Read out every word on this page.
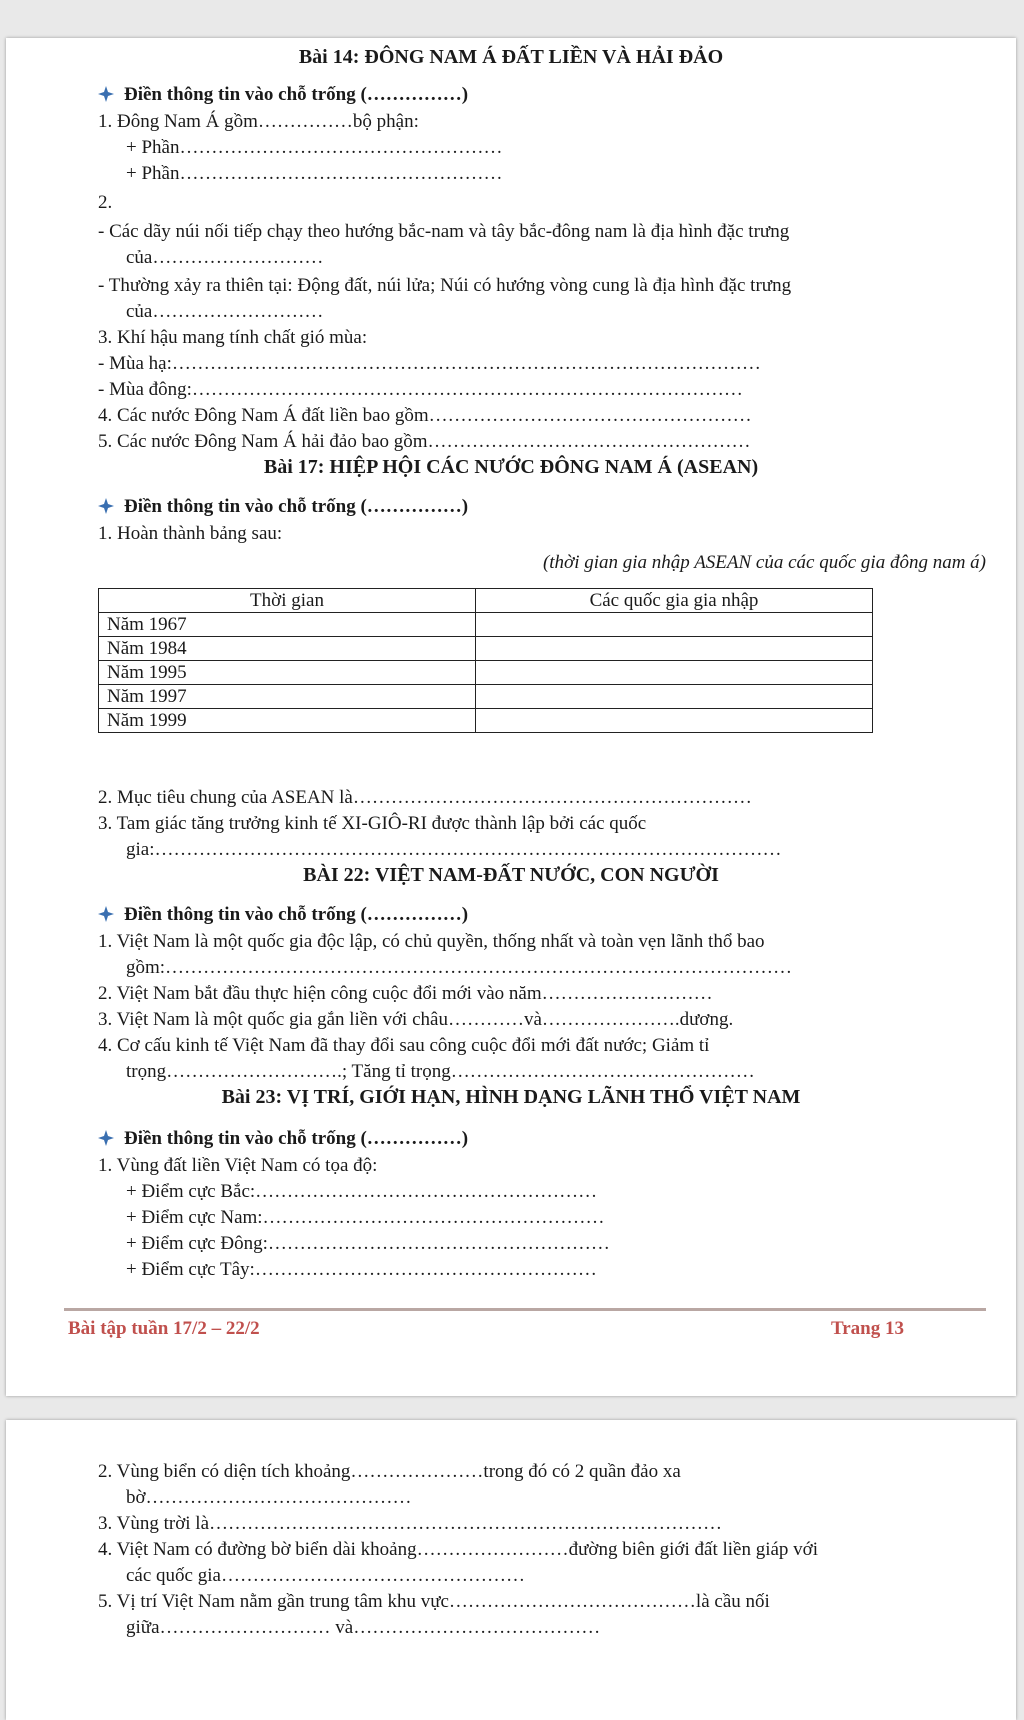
Bài 14: ĐÔNG NAM Á ĐẤT LIỀN VÀ HẢI ĐẢO
Điền thông tin vào chỗ trống (……………)
1. Đông Nam Á gồm……………bộ phận:
+ Phần……………………………………………
+ Phần……………………………………………
2.
- Các dãy núi nối tiếp chạy theo hướng bắc-nam và tây bắc-đông nam là địa hình đặc trưng
của………………………
- Thường xảy ra thiên tại: Động đất, núi lửa; Núi có hướng vòng cung là địa hình đặc trưng
của………………………
3. Khí hậu mang tính chất gió mùa:
- Mùa hạ:…………………………………………………………………………………
- Mùa đông:……………………………………………………………………………
4. Các nước Đông Nam Á đất liền bao gồm……………………………………………
5. Các nước Đông Nam Á hải đảo bao gồm……………………………………………
Bài 17: HIỆP HỘI CÁC NƯỚC ĐÔNG NAM Á (ASEAN)
Điền thông tin vào chỗ trống (……………)
1. Hoàn thành bảng sau:
(thời gian gia nhập ASEAN của các quốc gia đông nam á)
Thời gian	Các quốc gia gia nhập
Năm 1967	
Năm 1984	
Năm 1995	
Năm 1997	
Năm 1999	
2. Mục tiêu chung của ASEAN là………………………………………………………
3. Tam giác tăng trưởng kinh tế XI-GIÔ-RI được thành lập bởi các quốc
gia:………………………………………………………………………………………
BÀI 22: VIỆT NAM-ĐẤT NƯỚC, CON NGƯỜI
Điền thông tin vào chỗ trống (……………)
1. Việt Nam là một quốc gia độc lập, có chủ quyền, thống nhất và toàn vẹn lãnh thổ bao
gồm:………………………………………………………………………………………
2. Việt Nam bắt đầu thực hiện công cuộc đổi mới vào năm………………………
3. Việt Nam là một quốc gia gắn liền với châu…………và………………….dương.
4. Cơ cấu kinh tế Việt Nam đã thay đổi sau công cuộc đổi mới đất nước; Giảm tỉ
trọng……………………….; Tăng tỉ trọng…………………………………………
Bài 23: VỊ TRÍ, GIỚI HẠN, HÌNH DẠNG LÃNH THỔ VIỆT NAM
Điền thông tin vào chỗ trống (……………)
1. Vùng đất liền Việt Nam có tọa độ:
+ Điểm cực Bắc:………………………………………………
+ Điểm cực Nam:………………………………………………
+ Điểm cực Đông:………………………………………………
+ Điểm cực Tây:………………………………………………
Bài tập tuần 17/2 – 22/2	Trang 13
2. Vùng biển có diện tích khoảng…………………trong đó có 2 quần đảo xa
bờ……………………………………
3. Vùng trời là………………………………………………………………………
4. Việt Nam có đường bờ biển dài khoảng……………………đường biên giới đất liền giáp với
các quốc gia…………………………………………
5. Vị trí Việt Nam nằm gần trung tâm khu vực…………………………………là cầu nối
giữa……………………… và…………………………………
